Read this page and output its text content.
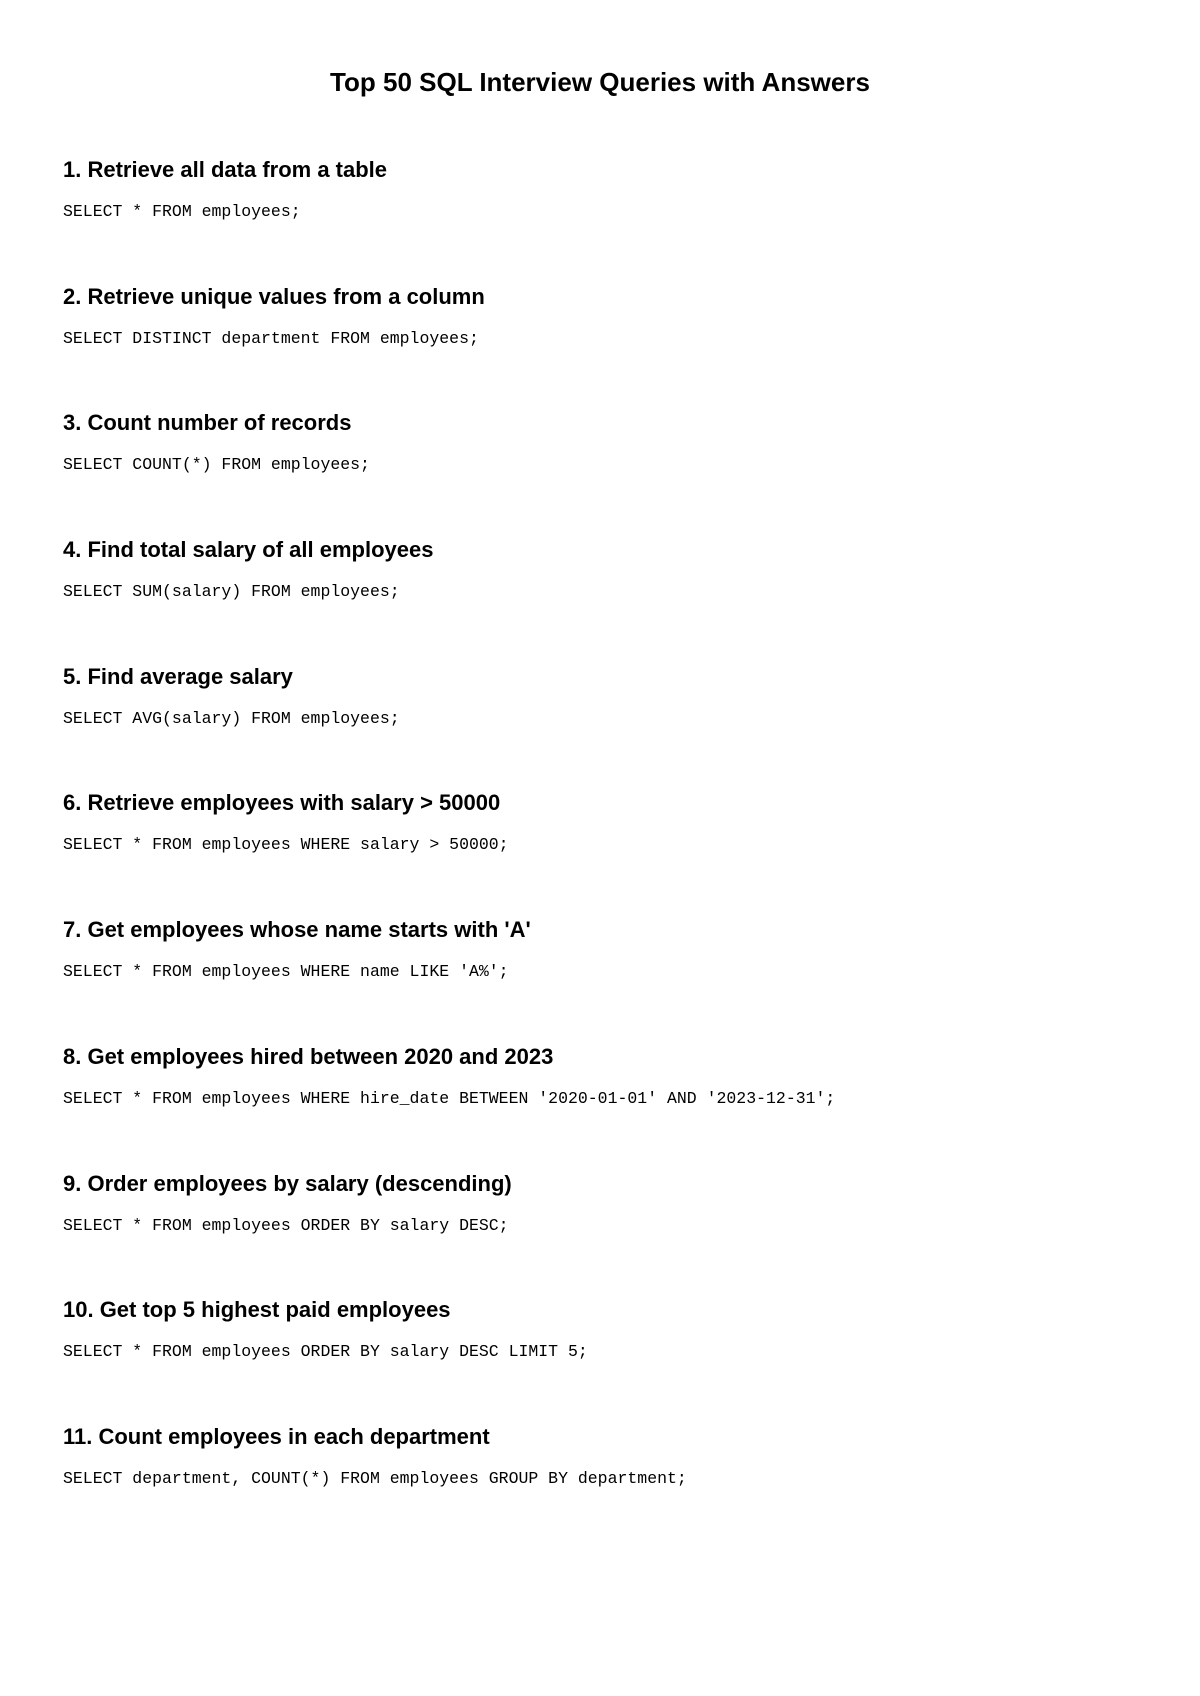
Top 50 SQL Interview Queries with Answers
1. Retrieve all data from a table
SELECT * FROM employees;
2. Retrieve unique values from a column
SELECT DISTINCT department FROM employees;
3. Count number of records
SELECT COUNT(*) FROM employees;
4. Find total salary of all employees
SELECT SUM(salary) FROM employees;
5. Find average salary
SELECT AVG(salary) FROM employees;
6. Retrieve employees with salary > 50000
SELECT * FROM employees WHERE salary > 50000;
7. Get employees whose name starts with 'A'
SELECT * FROM employees WHERE name LIKE 'A%';
8. Get employees hired between 2020 and 2023
SELECT * FROM employees WHERE hire_date BETWEEN '2020-01-01' AND '2023-12-31';
9. Order employees by salary (descending)
SELECT * FROM employees ORDER BY salary DESC;
10. Get top 5 highest paid employees
SELECT * FROM employees ORDER BY salary DESC LIMIT 5;
11. Count employees in each department
SELECT department, COUNT(*) FROM employees GROUP BY department;
